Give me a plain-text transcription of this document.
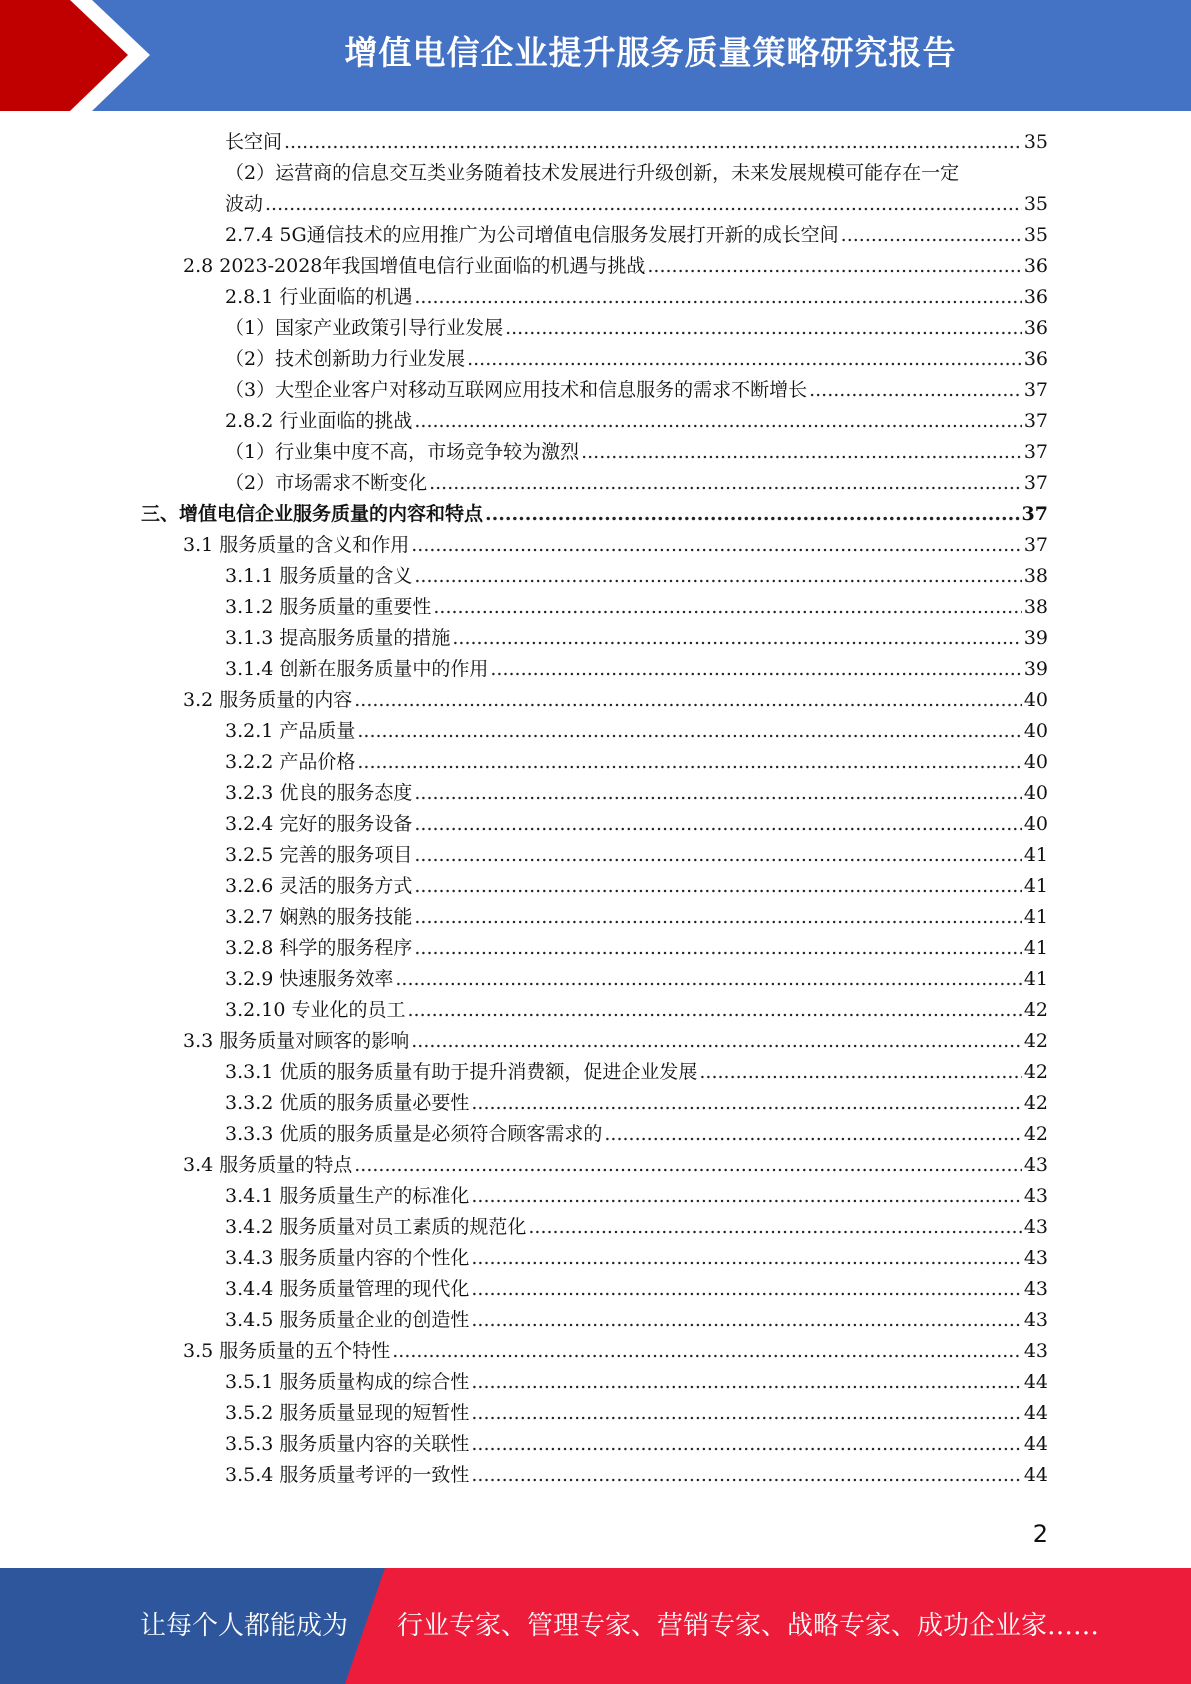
增值电信企业提升服务质量策略研究报告
长空间 .....	35
（2）运营商的信息交互类业务随着技术发展进行升级创新，未来发展规模可能存在一定
波动 .....	35
2.7.4 5G通信技术的应用推广为公司增值电信服务发展打开新的成长空间 .....	35
2.8 2023-2028年我国增值电信行业面临的机遇与挑战 .....	36
2.8.1 行业面临的机遇 .....	36
（1）国家产业政策引导行业发展 .....	36
（2）技术创新助力行业发展 .....	36
（3）大型企业客户对移动互联网应用技术和信息服务的需求不断增长 .....	37
2.8.2 行业面临的挑战 .....	37
（1）行业集中度不高，市场竞争较为激烈 .....	37
（2）市场需求不断变化 .....	37
三、增值电信企业服务质量的内容和特点 .....	37
3.1 服务质量的含义和作用 .....	37
3.1.1 服务质量的含义 .....	38
3.1.2 服务质量的重要性 .....	38
3.1.3 提高服务质量的措施 .....	39
3.1.4 创新在服务质量中的作用 .....	39
3.2 服务质量的内容 .....	40
3.2.1 产品质量 .....	40
3.2.2 产品价格 .....	40
3.2.3 优良的服务态度 .....	40
3.2.4 完好的服务设备 .....	40
3.2.5 完善的服务项目 .....	41
3.2.6 灵活的服务方式 .....	41
3.2.7 娴熟的服务技能 .....	41
3.2.8 科学的服务程序 .....	41
3.2.9 快速服务效率 .....	41
3.2.10 专业化的员工 .....	42
3.3 服务质量对顾客的影响 .....	42
3.3.1 优质的服务质量有助于提升消费额，促进企业发展 .....	42
3.3.2 优质的服务质量必要性 .....	42
3.3.3 优质的服务质量是必须符合顾客需求的 .....	42
3.4 服务质量的特点 .....	43
3.4.1 服务质量生产的标准化 .....	43
3.4.2 服务质量对员工素质的规范化 .....	43
3.4.3 服务质量内容的个性化 .....	43
3.4.4 服务质量管理的现代化 .....	43
3.4.5 服务质量企业的创造性 .....	43
3.5 服务质量的五个特性 .....	43
3.5.1 服务质量构成的综合性 .....	44
3.5.2 服务质量显现的短暂性 .....	44
3.5.3 服务质量内容的关联性 .....	44
3.5.4 服务质量考评的一致性 .....	44
2
让每个人都能成为 行业专家、管理专家、营销专家、战略专家、成功企业家……
